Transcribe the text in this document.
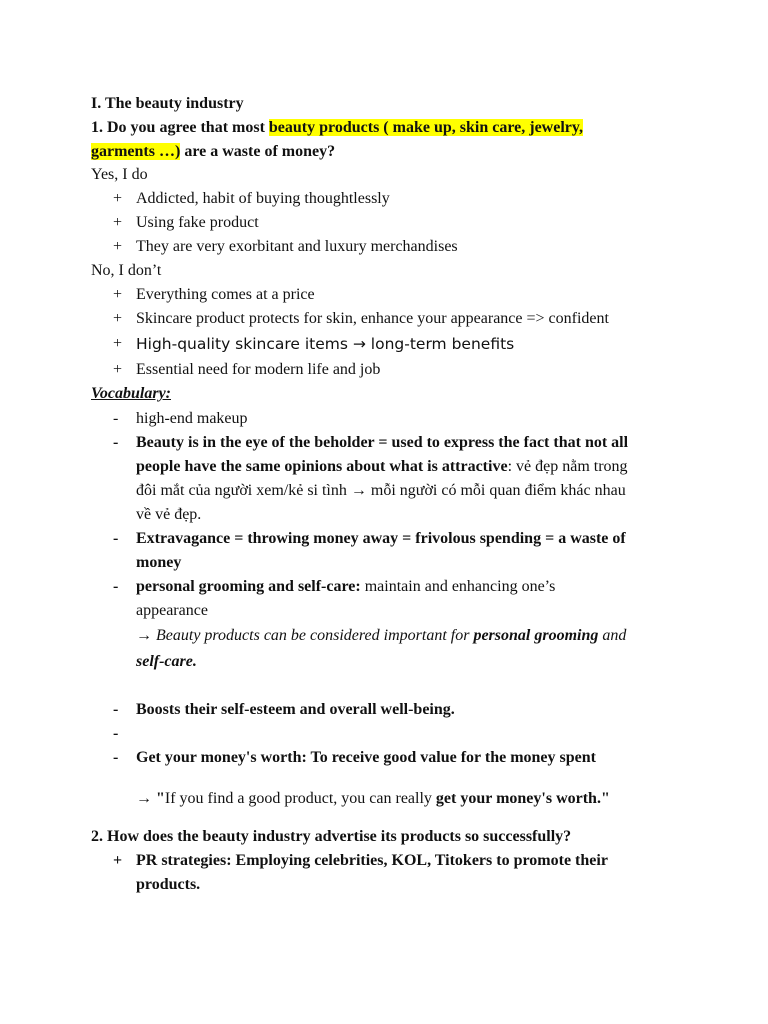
I. The beauty industry
1. Do you agree that most beauty products ( make up, skin care, jewelry,
garments …) are a waste of money?
Yes, I do
+ Addicted, habit of buying thoughtlessly
+ Using fake product
+ They are very exorbitant and luxury merchandises
No, I don’t
+ Everything comes at a price
+ Skincare product protects for skin, enhance your appearance => confident
+ High-quality skincare items → long-term benefits
+ Essential need for modern life and job
Vocabulary:
-	high-end makeup
-	Beauty is in the eye of the beholder = used to express the fact that not all
people have the same opinions about what is attractive: vẻ đẹp nằm trong
đôi mắt của người xem/kẻ si tình → mỗi người có mỗi quan điểm khác nhau
về vẻ đẹp.
-	Extravagance = throwing money away = frivolous spending = a waste of
money
-	personal grooming and self-care: maintain and enhancing one’s
appearance
→ Beauty products can be considered important for personal grooming and
self-care.
-	Boosts their self-esteem and overall well-being.
-
-	Get your money's worth: To receive good value for the money spent
→ "If you find a good product, you can really get your money's worth."
2. How does the beauty industry advertise its products so successfully?
+ PR strategies: Employing celebrities, KOL, Titokers to promote their
products.
